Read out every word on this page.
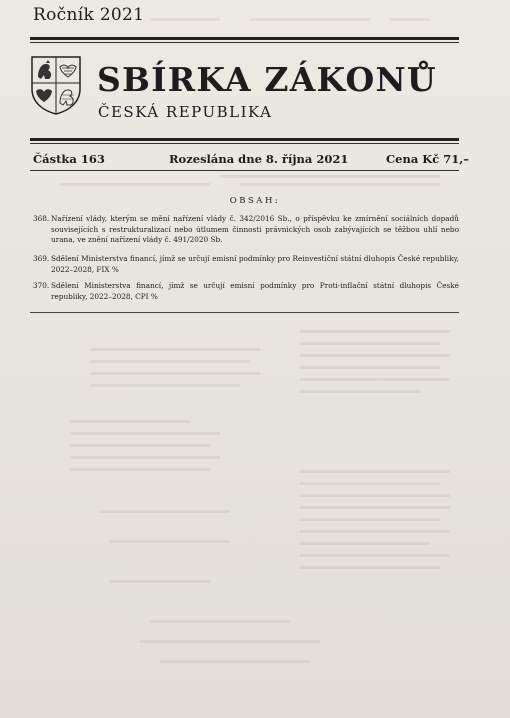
Ročník 2021
SBÍRKA ZÁKONŮ
ČESKÁ REPUBLIKA
Částka 163	Rozeslána dne 8. října 2021	Cena Kč 71,–
OBSAH:
368. Nařízení vlády, kterým se mění nařízení vlády č. 342/2016 Sb., o příspěvku ke zmírnění sociálních dopadů souvisejících s restrukturalizací nebo útlumem činnosti právnických osob zabývajících se těžbou uhlí nebo urana, ve znění nařízení vlády č. 491/2020 Sb.
369. Sdělení Ministerstva financí, jímž se určují emisní podmínky pro Reinvestiční státní dluhopis České republiky, 2022–2028, FIX %
370. Sdělení Ministerstva financí, jímž se určují emisní podmínky pro Proti-inflační státní dluhopis České republiky, 2022–2028, CPI %
